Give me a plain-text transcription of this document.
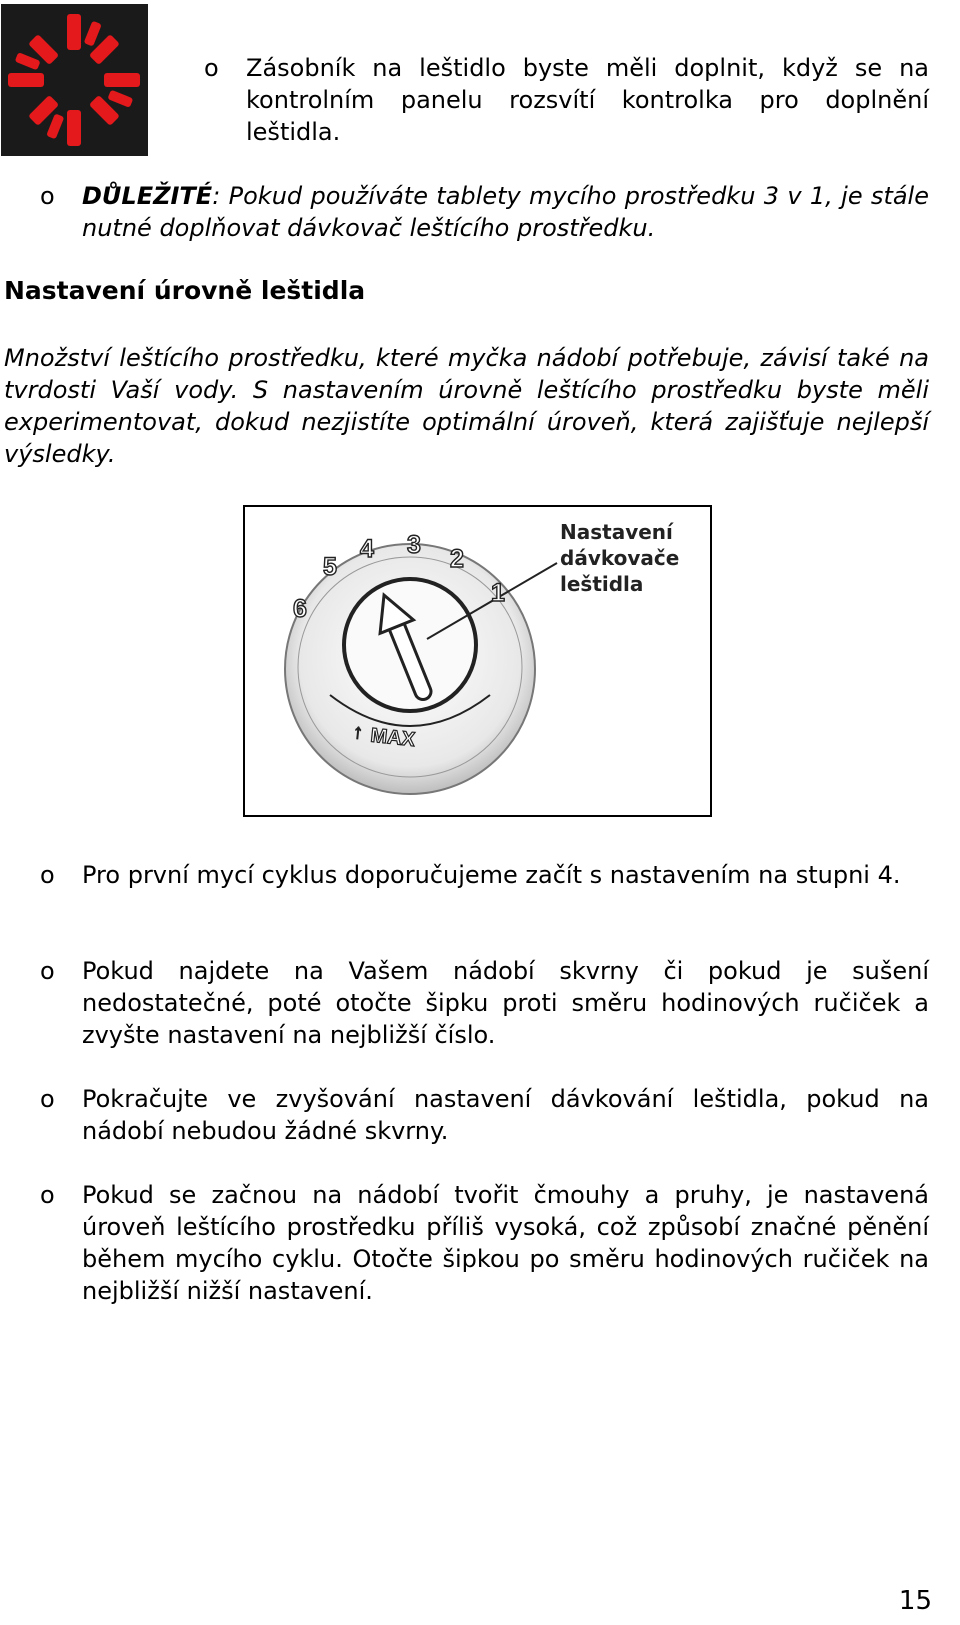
o Zásobník na leštidlo byste měli doplnit, když se na kontrolním panelu rozsvítí kontrolka pro doplnění leštidla.

o DŮLEŽITÉ: Pokud používáte tablety mycího prostředku 3 v 1, je stále nutné doplňovat dávkovač leštícího prostředku.

Nastavení úrovně leštidla

Množství leštícího prostředku, které myčka nádobí potřebuje, závisí také na tvrdosti Vaší vody. S nastavením úrovně leštícího prostředku byste měli experimentovat, dokud nezjistíte optimální úroveň, která zajišťuje nejlepší výsledky.

6
5
4 3 2
1
↑ MAX
Nastavení
dávkovače
leštidla
o Pro první mycí cyklus doporučujeme začít s nastavením na stupni 4.

o Pokud najdete na Vašem nádobí skvrny či pokud je sušení nedostatečné, poté otočte šipku proti směru hodinových ručiček a zvyšte nastavení na nejbližší číslo.

o Pokračujte ve zvyšování nastavení dávkování leštidla, pokud na nádobí nebudou žádné skvrny.

o Pokud se začnou na nádobí tvořit čmouhy a pruhy, je nastavená úroveň leštícího prostředku příliš vysoká, což způsobí značné pěnění během mycího cyklu. Otočte šipkou po směru hodinových ručiček na nejbližší nižší nastavení.

15
